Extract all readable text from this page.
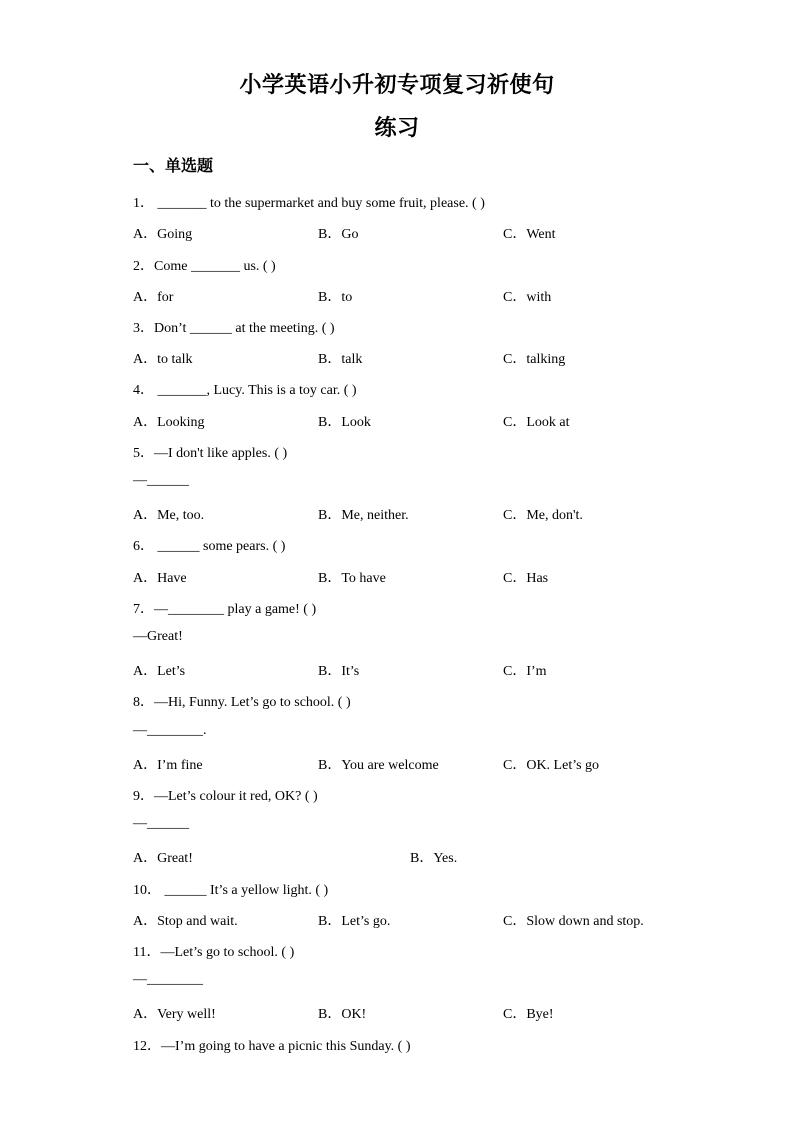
小学英语小升初专项复习祈使句
练习
一、单选题
1． _______ to the supermarket and buy some fruit, please. ( )
A．Going	B．Go	C．Went
2．Come _______ us. ( )
A．for	B．to	C．with
3．Don’t ______ at the meeting. ( )
A．to talk	B．talk	C．talking
4． _______, Lucy. This is a toy car. ( )
A．Looking	B．Look	C．Look at
5．—I don't like apples. ( )
—______
A．Me, too.	B．Me, neither.	C．Me, don't.
6． ______ some pears. ( )
A．Have	B．To have	C．Has
7．—________ play a game! ( )
—Great!
A．Let’s	B．It’s	C．I’m
8．—Hi, Funny. Let’s go to school. ( )
—________.
A．I’m fine	B．You are welcome	C．OK. Let’s go
9．—Let’s colour it red, OK? ( )
—______
A．Great!	B．Yes.
10． ______ It’s a yellow light. ( )
A．Stop and wait.	B．Let’s go.	C．Slow down and stop.
11．—Let’s go to school. ( )
—________
A．Very well!	B．OK!	C．Bye!
12．—I’m going to have a picnic this Sunday. ( )
